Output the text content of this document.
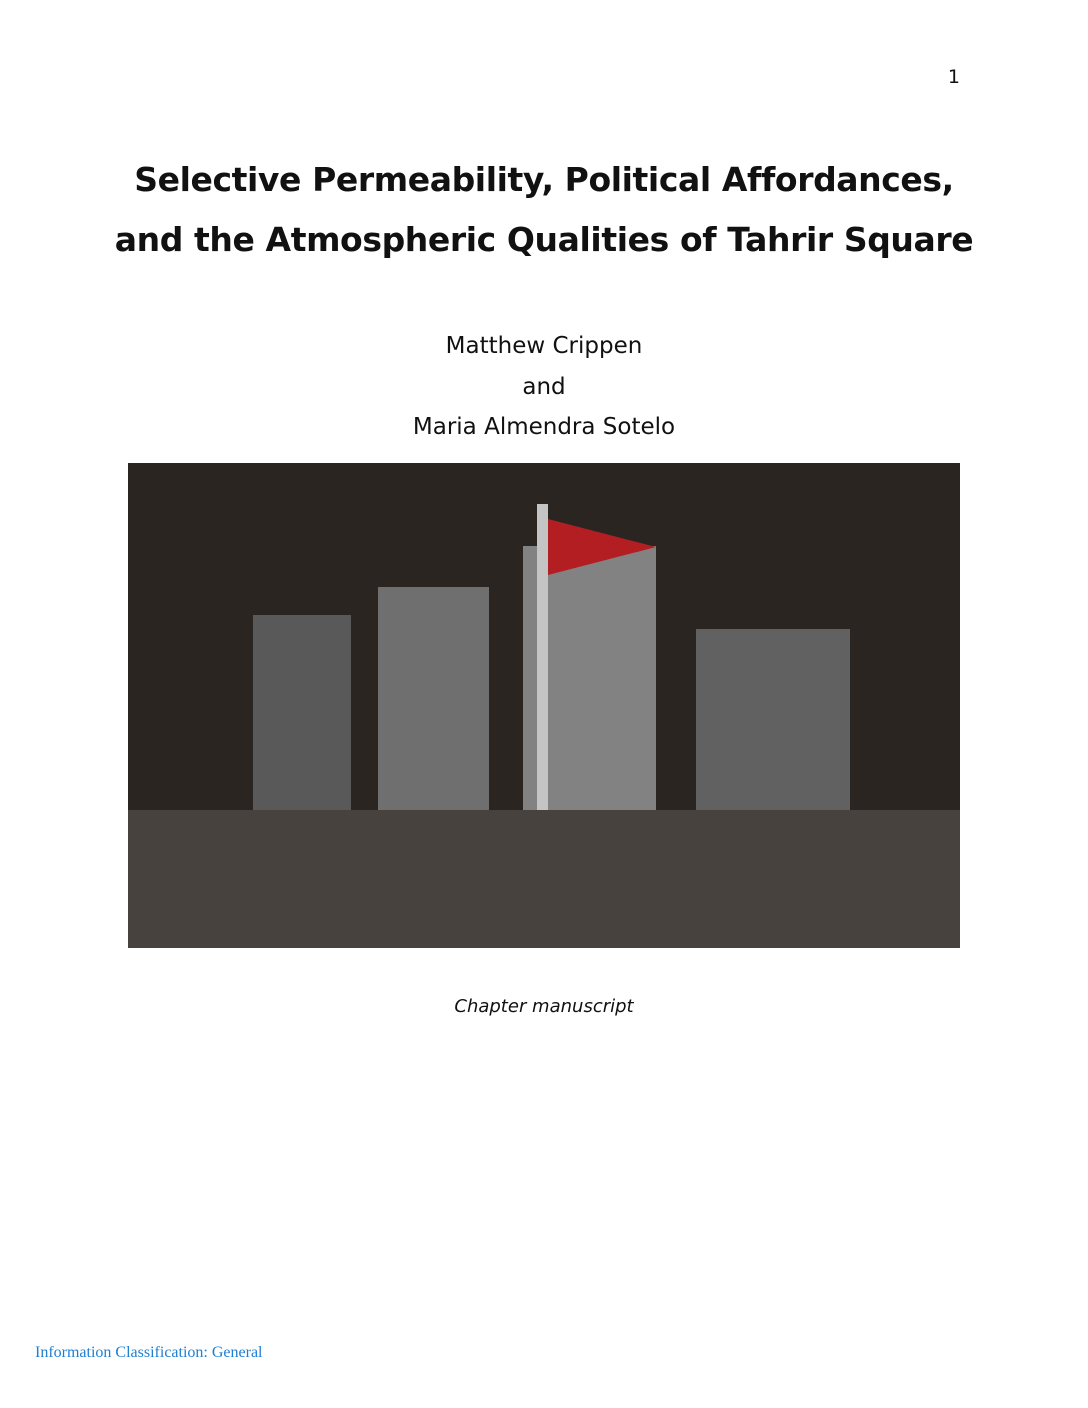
1
Selective Permeability, Political Affordances,
and the Atmospheric Qualities of Tahrir Square
Matthew Crippen
and
Maria Almendra Sotelo
Chapter manuscript
Information Classification: General
